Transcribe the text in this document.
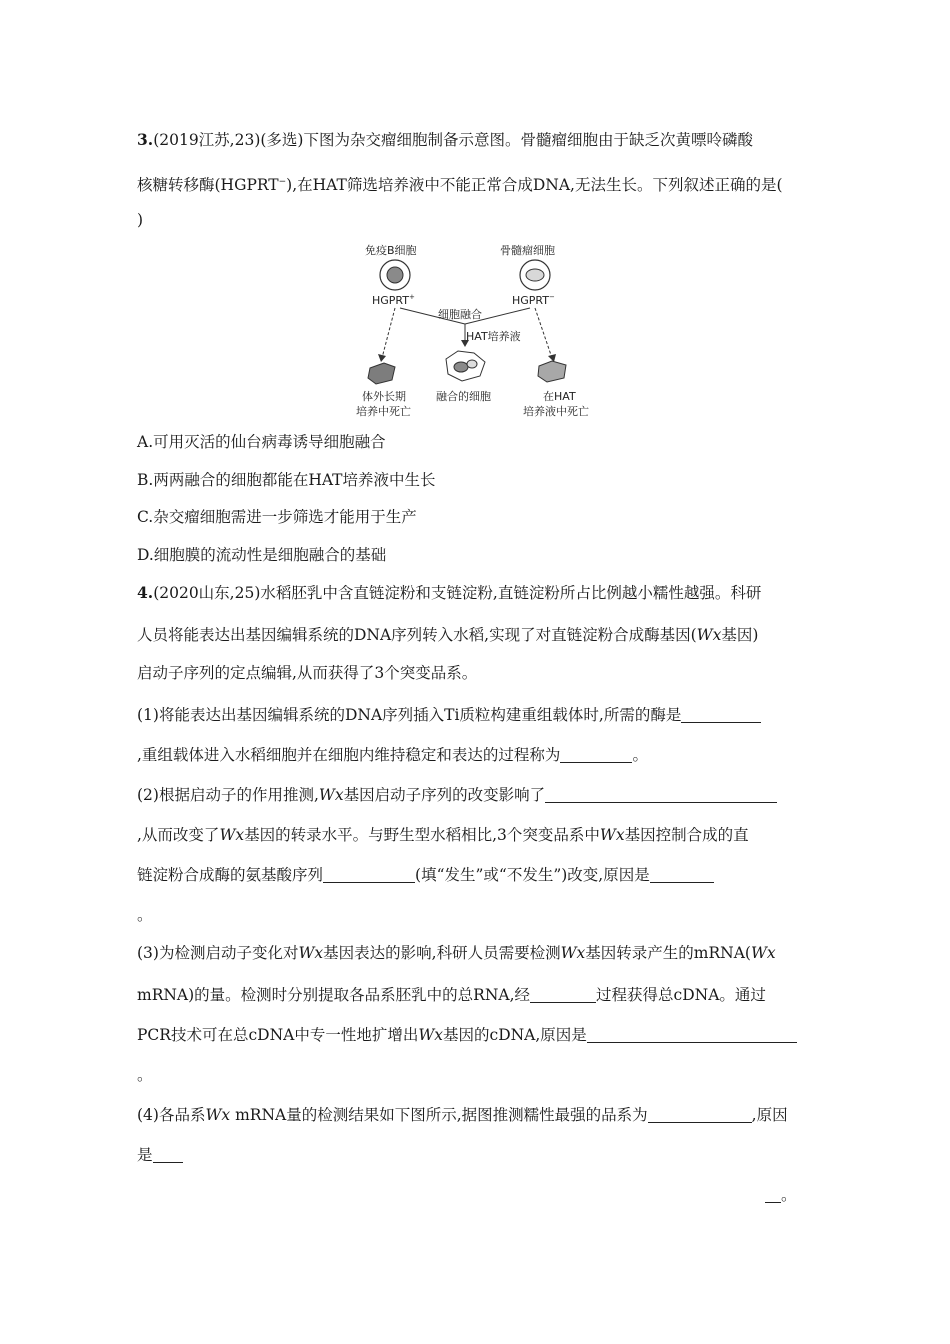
3.(2019江苏,23)(多选)下图为杂交瘤细胞制备示意图。骨髓瘤细胞由于缺乏次黄嘌呤磷酸
核糖转移酶(HGPRT−),在HAT筛选培养液中不能正常合成DNA,无法生长。下列叙述正确的是(
)
免疫B细胞	骨髓瘤细胞
HGPRT+	HGPRT−
细胞融合
HAT培养液
体外长期
培养中死亡
融合的细胞	在HAT
培养液中死亡
A.可用灭活的仙台病毒诱导细胞融合
B.两两融合的细胞都能在HAT培养液中生长
C.杂交瘤细胞需进一步筛选才能用于生产
D.细胞膜的流动性是细胞融合的基础
4.(2020山东,25)水稻胚乳中含直链淀粉和支链淀粉,直链淀粉所占比例越小糯性越强。科研
人员将能表达出基因编辑系统的DNA序列转入水稻,实现了对直链淀粉合成酶基因(Wx基因)
启动子序列的定点编辑,从而获得了3个突变品系。
(1)将能表达出基因编辑系统的DNA序列插入Ti质粒构建重组载体时,所需的酶是
,重组载体进入水稻细胞并在细胞内维持稳定和表达的过程称为	。
(2)根据启动子的作用推测,Wx基因启动子序列的改变影响了
,从而改变了Wx基因的转录水平。与野生型水稻相比,3个突变品系中Wx基因控制合成的直
链淀粉合成酶的氨基酸序列	(填“发生”或“不发生”)改变,原因是
。
(3)为检测启动子变化对Wx基因表达的影响,科研人员需要检测Wx基因转录产生的mRNA(Wx
mRNA)的量。检测时分别提取各品系胚乳中的总RNA,经	过程获得总cDNA。通过
PCR技术可在总cDNA中专一性地扩增出Wx基因的cDNA,原因是
。
(4)各品系Wx mRNA量的检测结果如下图所示,据图推测糯性最强的品系为	,原因
是
。
